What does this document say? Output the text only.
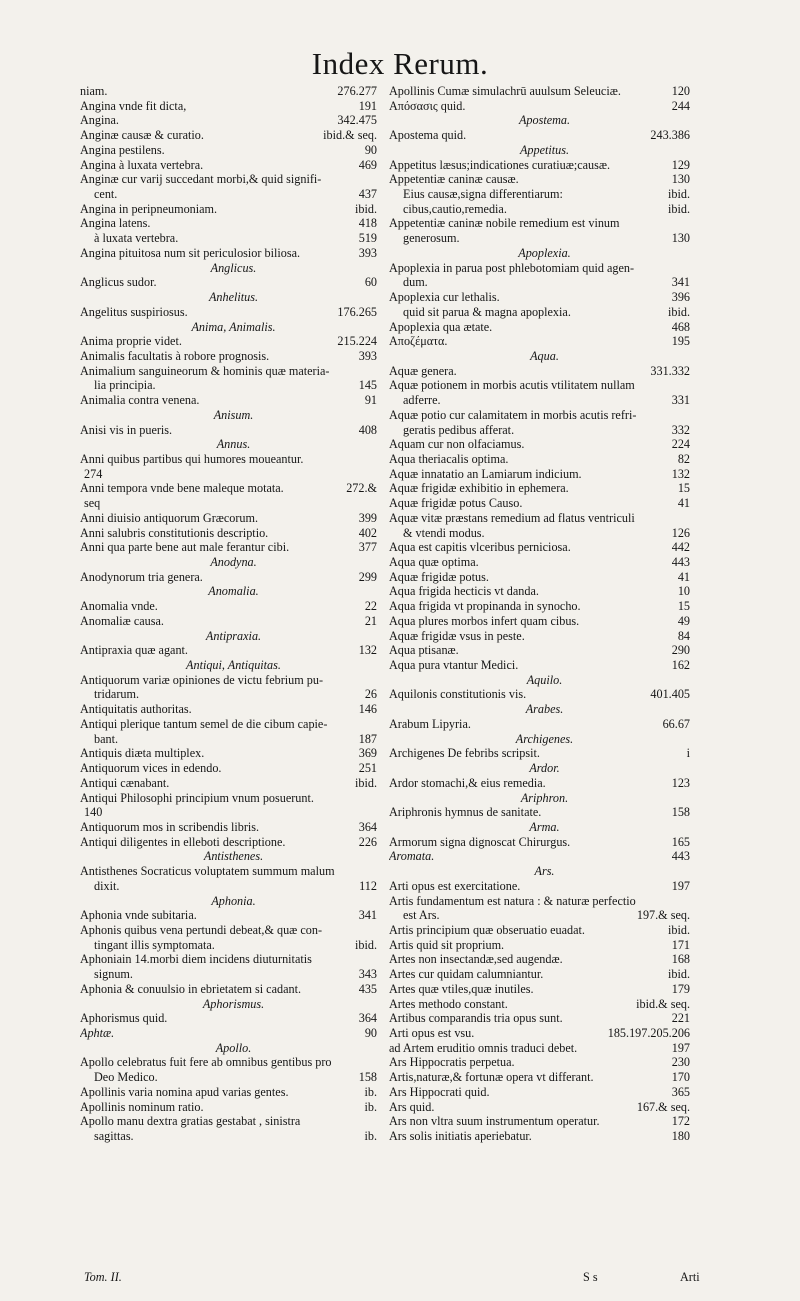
Index Rerum.
niam.	276.277
Angina vnde fit dicta,	191
Angina.	342.475
Anginæ causæ & curatio.	ibid.& seq.
Angina pestilens.	90
Angina à luxata vertebra.	469
Anginæ cur varij succedant morbi,& quid signifi-
cent.	437
Angina in peripneumoniam.	ibid.
Angina latens.	418
à luxata vertebra.	519
Angina pituitosa num sit periculosior biliosa.	393
Anglicus.
Anglicus sudor.	60
Anhelitus.
Angelitus suspiriosus.	176.265
Anima, Animalis.
Anima proprie videt.	215.224
Animalis facultatis à robore prognosis.	393
Animalium sanguineorum & hominis quæ materia-
lia principia.	145
Animalia contra venena.	91
Anisum.
Anisi vis in pueris.	408
Annus.
Anni quibus partibus qui humores moueantur.
274
Anni tempora vnde bene maleque motata.	272.&
seq
Anni diuisio antiquorum Græcorum.	399
Anni salubris constitutionis descriptio.	402
Anni qua parte bene aut male ferantur cibi.	377
Anodyna.
Anodynorum tria genera.	299
Anomalia.
Anomalia vnde.	22
Anomaliæ causa.	21
Antipraxia.
Antipraxia quæ agant.	132
Antiqui, Antiquitas.
Antiquorum variæ opiniones de victu febrium pu-
tridarum.	26
Antiquitatis authoritas.	146
Antiqui plerique tantum semel de die cibum capie-
bant.	187
Antiquis diæta multiplex.	369
Antiquorum vices in edendo.	251
Antiqui cænabant.	ibid.
Antiqui Philosophi principium vnum posuerunt.
140
Antiquorum mos in scribendis libris.	364
Antiqui diligentes in elleboti descriptione.	226
Antisthenes.
Antisthenes Socraticus voluptatem summum malum
dixit.	112
Aphonia.
Aphonia vnde subitaria.	341
Aphonis quibus vena pertundi debeat,& quæ con-
tingant illis symptomata.	ibid.
Aphoniain 14.morbi diem incidens diuturnitatis
signum.	343
Aphonia & conuulsio in ebrietatem si cadant.	435
Aphorismus.
Aphorismus quid.	364
Aphtæ.	90
Apollo.
Apollo celebratus fuit fere ab omnibus gentibus pro
Deo Medico.	158
Apollinis varia nomina apud varias gentes.	ib.
Apollinis nominum ratio.	ib.
Apollo manu dextra gratias gestabat , sinistra
sagittas.	ib.
Apollinis Cumæ simulachrū auulsum Seleuciæ.	120
Απόσασις quid.	244
Apostema.
Apostema quid.	243.386
Appetitus.
Appetitus læsus;indicationes curatiuæ;causæ.	129
Appetentiæ caninæ causæ.	130
Eius causæ,signa differentiarum:	ibid.
cibus,cautio,remedia.	ibid.
Appetentiæ caninæ nobile remedium est vinum
generosum.	130
Apoplexia.
Apoplexia in parua post phlebotomiam quid agen-
dum.	341
Apoplexia cur lethalis.	396
quid sit parua & magna apoplexia.	ibid.
Apoplexia qua ætate.	468
Αποζέματα.	195
Aqua.
Aquæ genera.	331.332
Aquæ potionem in morbis acutis vtilitatem nullam
adferre.	331
Aquæ potio cur calamitatem in morbis acutis refri-
geratis pedibus afferat.	332
Aquam cur non olfaciamus.	224
Aqua theriacalis optima.	82
Aquæ innatatio an Lamiarum indicium.	132
Aquæ frigidæ exhibitio in ephemera.	15
Aquæ frigidæ potus Causo.	41
Aquæ vitæ præstans remedium ad flatus ventriculi
& vtendi modus.	126
Aqua est capitis vlceribus perniciosa.	442
Aqua quæ optima.	443
Aquæ frigidæ potus.	41
Aqua frigida hecticis vt danda.	10
Aqua frigida vt propinanda in synocho.	15
Aqua plures morbos infert quam cibus.	49
Aquæ frigidæ vsus in peste.	84
Aqua ptisanæ.	290
Aqua pura vtantur Medici.	162
Aquilo.
Aquilonis constitutionis vis.	401.405
Arabes.
Arabum Lipyria.	66.67
Archigenes.
Archigenes De febribs scripsit.	i
Ardor.
Ardor stomachi,& eius remedia.	123
Ariphron.
Ariphronis hymnus de sanitate.	158
Arma.
Armorum signa dignoscat Chirurgus.	165
Aromata.	443
Ars.
Arti opus est exercitatione.	197
Artis fundamentum est natura : & naturæ perfectio
est Ars.	197.& seq.
Artis principium quæ obseruatio euadat.	ibid.
Artis quid sit proprium.	171
Artes non insectandæ,sed augendæ.	168
Artes cur quidam calumniantur.	ibid.
Artes quæ vtiles,quæ inutiles.	179
Artes methodo constant.	ibid.& seq.
Artibus comparandis tria opus sunt.	221
Arti opus est vsu.	185.197.205.206
ad Artem eruditio omnis traduci debet.	197
Ars Hippocratis perpetua.	230
Artis,naturæ,& fortunæ opera vt differant.	170
Ars Hippocrati quid.	365
Ars quid.	167.& seq.
Ars non vltra suum instrumentum operatur.	172
Ars solis initiatis aperiebatur.	180
Tom. II.	S s	Arti
